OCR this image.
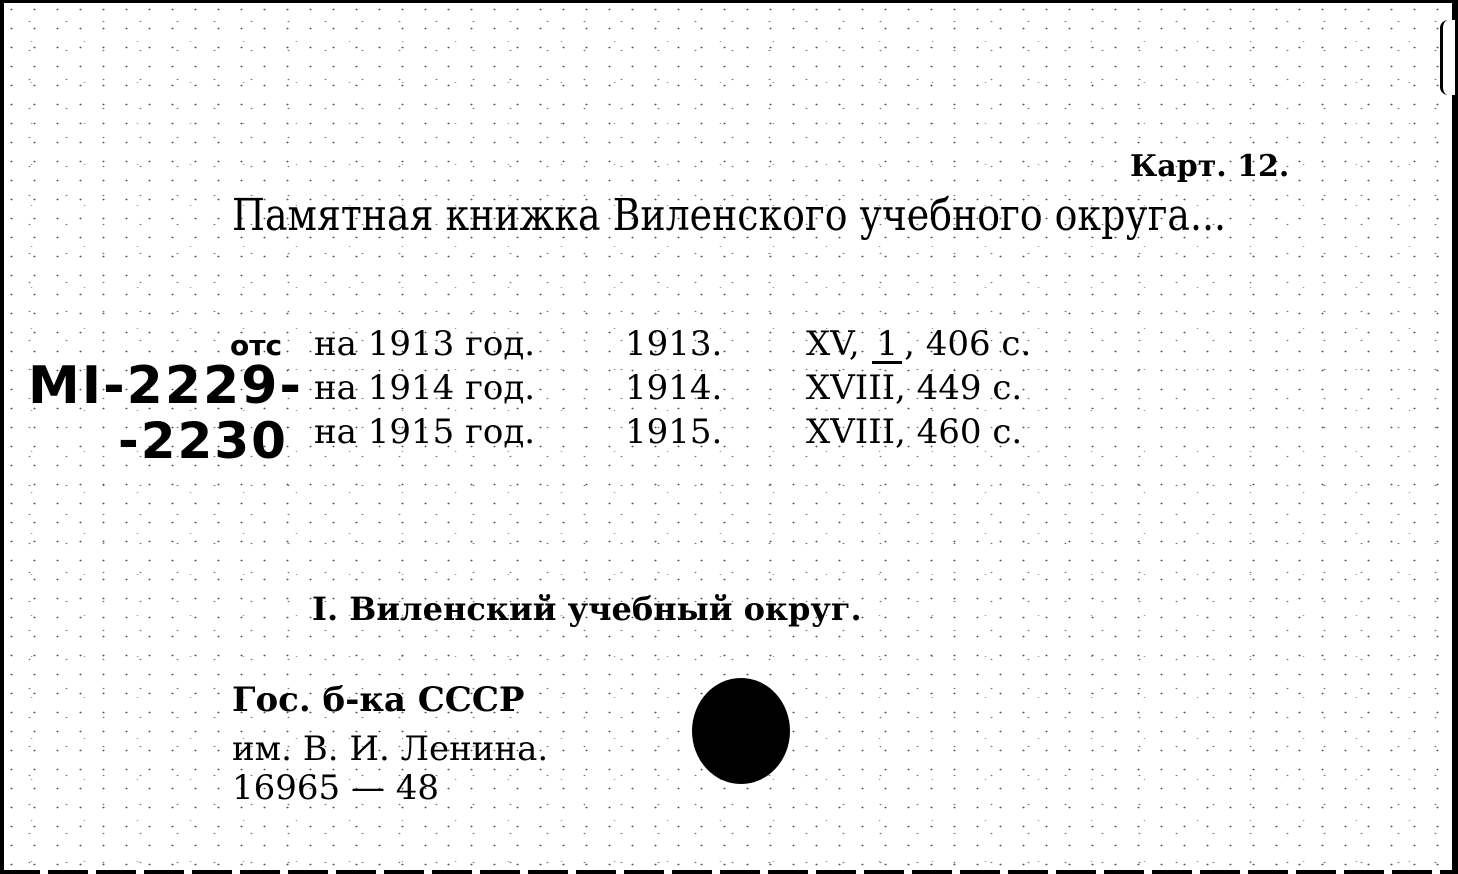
Карт. 12.
Памятная книжка Виленского учебного округа...
отс
MI-2229-
-2230
на 1913 год.	1913. XV, 1 , 406 с.
на 1914 год.	1914. XVIII, 449 с.
на 1915 год.	1915. XVIII, 460 с.
I. Виленский учебный округ.
Гос. б-ка СССР
им. В. И. Ленина.
16965 — 48
